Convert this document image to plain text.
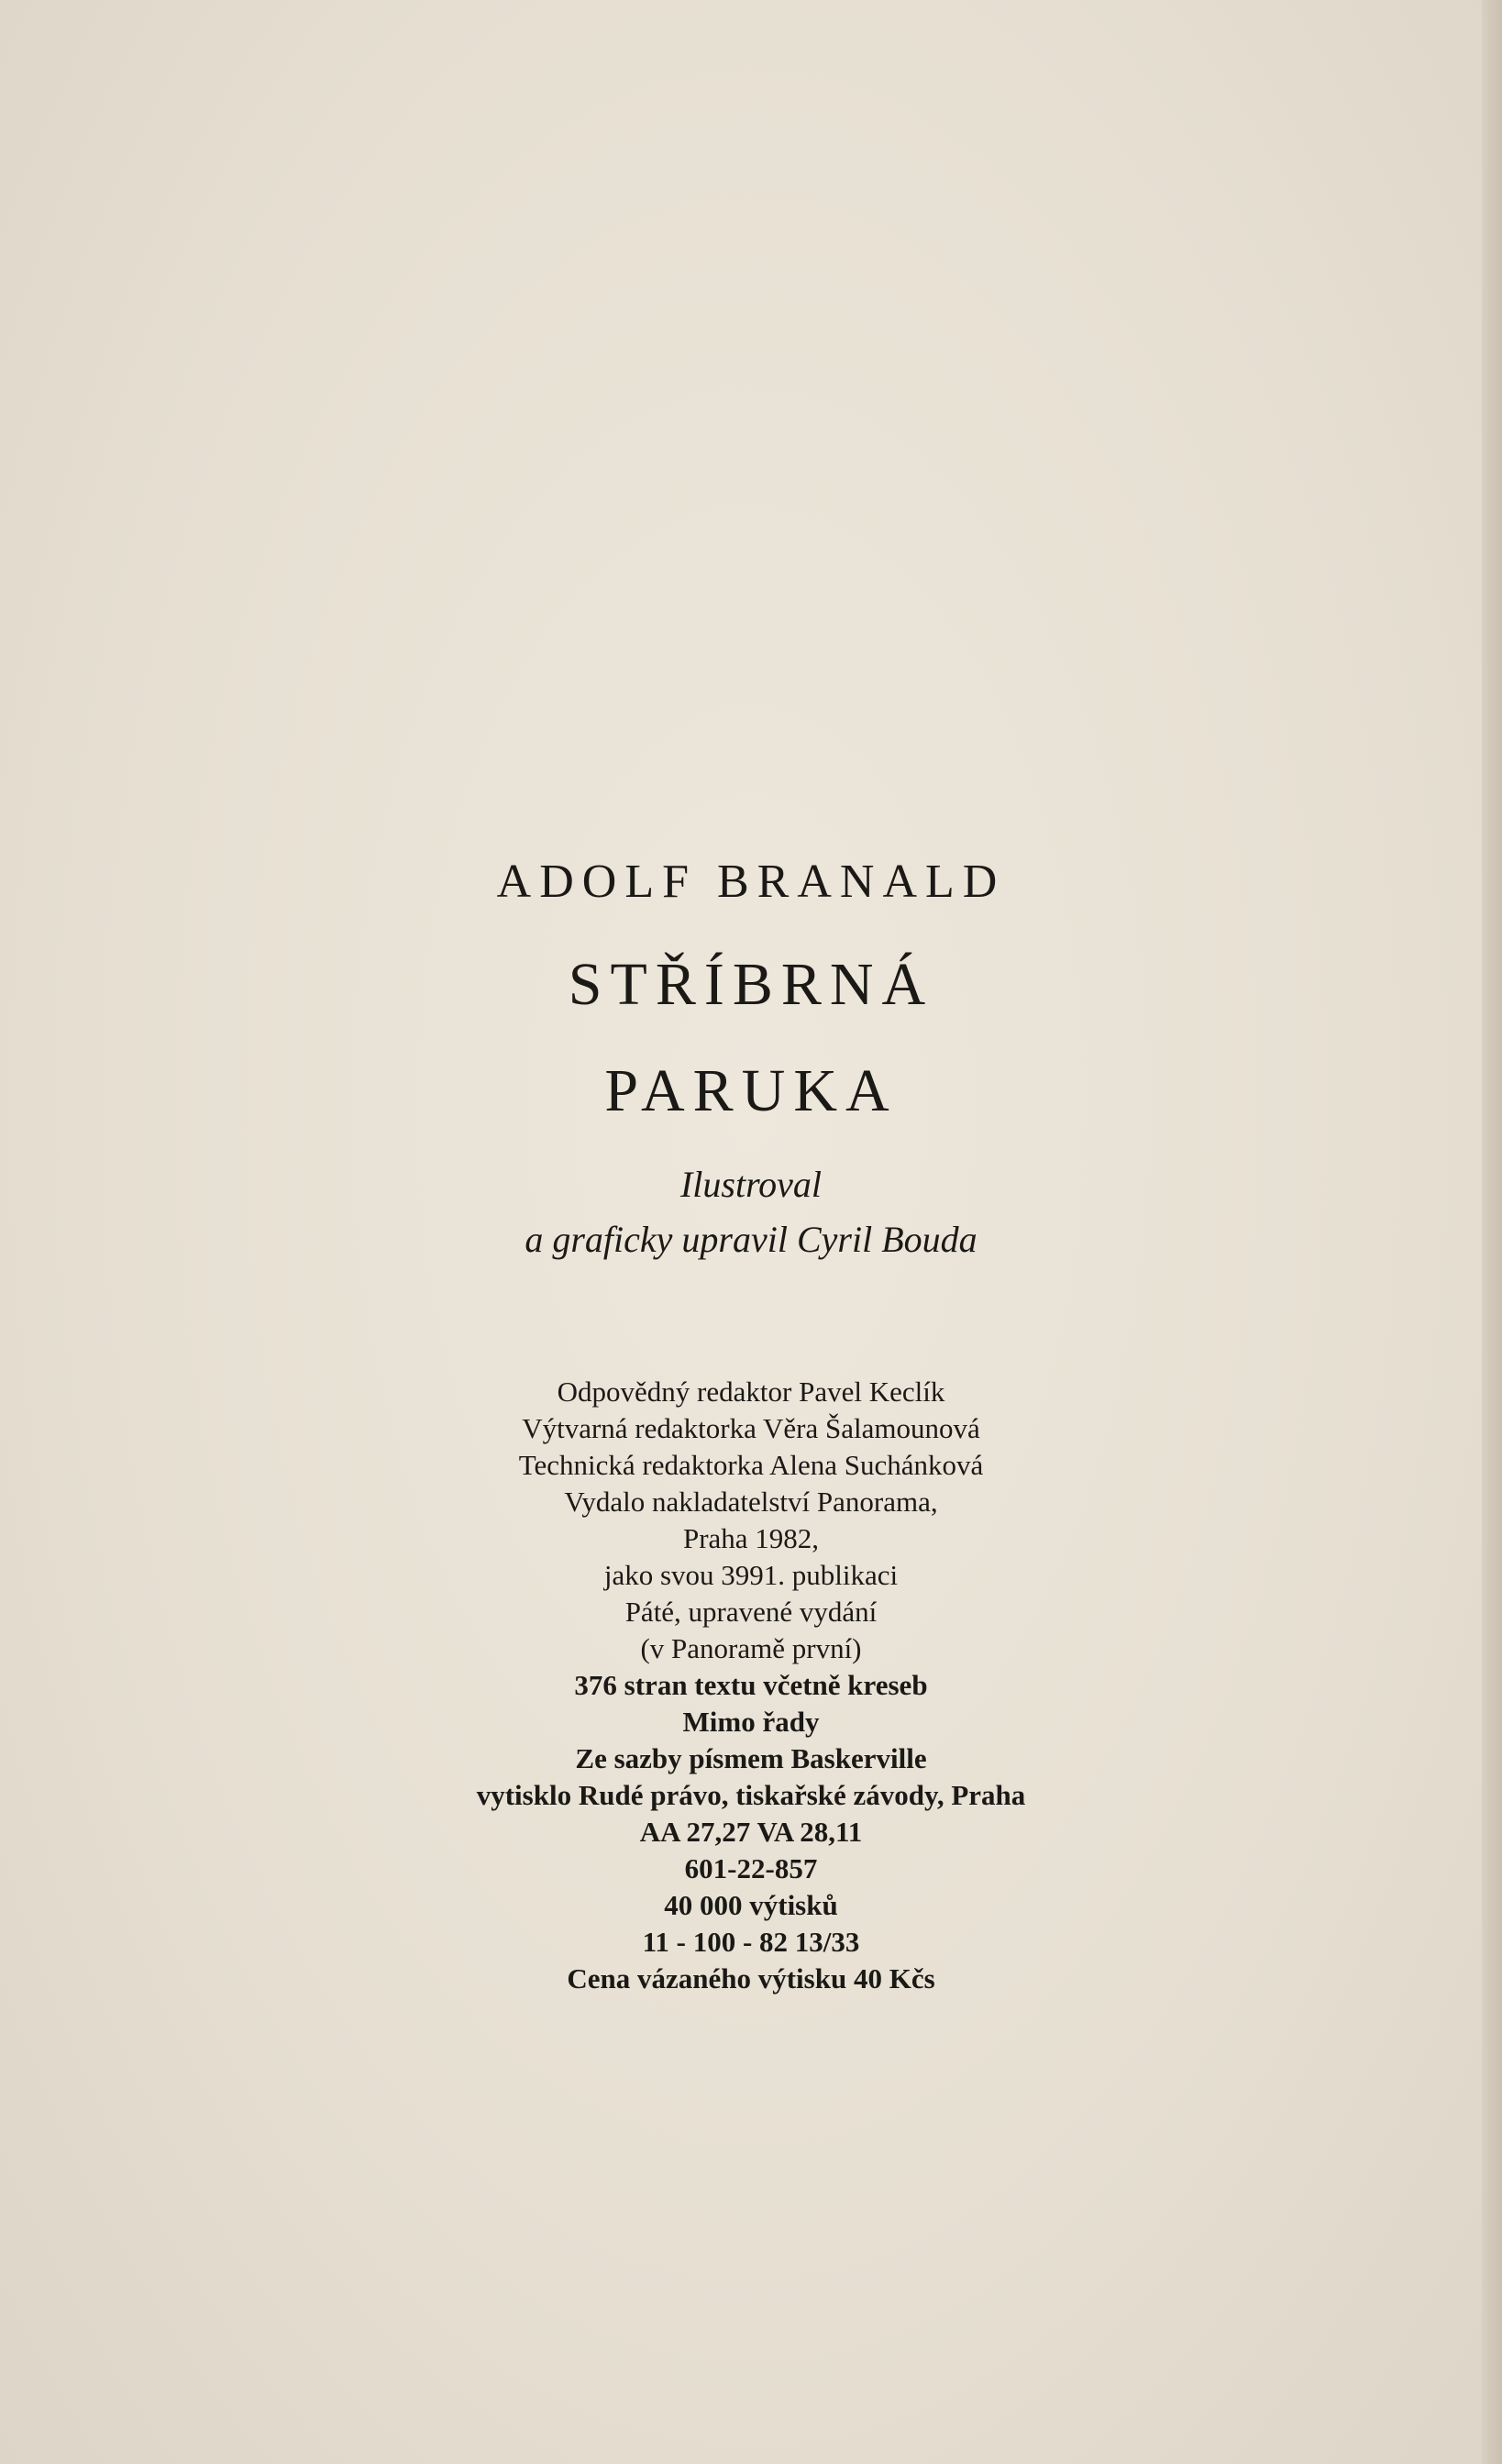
ADOLF BRANALD
STŘÍBRNÁ
PARUKA
Ilustroval
a graficky upravil Cyril Bouda
Odpovědný redaktor Pavel Keclík
Výtvarná redaktorka Věra Šalamounová
Technická redaktorka Alena Suchánková
Vydalo nakladatelství Panorama,
Praha 1982,
jako svou 3991. publikaci
Páté, upravené vydání
(v Panoramě první)
376 stran textu včetně kreseb
Mimo řady
Ze sazby písmem Baskerville
vytisklo Rudé právo, tiskařské závody, Praha
AA 27,27 VA 28,11
601-22-857
40 000 výtisků
11 - 100 - 82 13/33
Cena vázaného výtisku 40 Kčs
